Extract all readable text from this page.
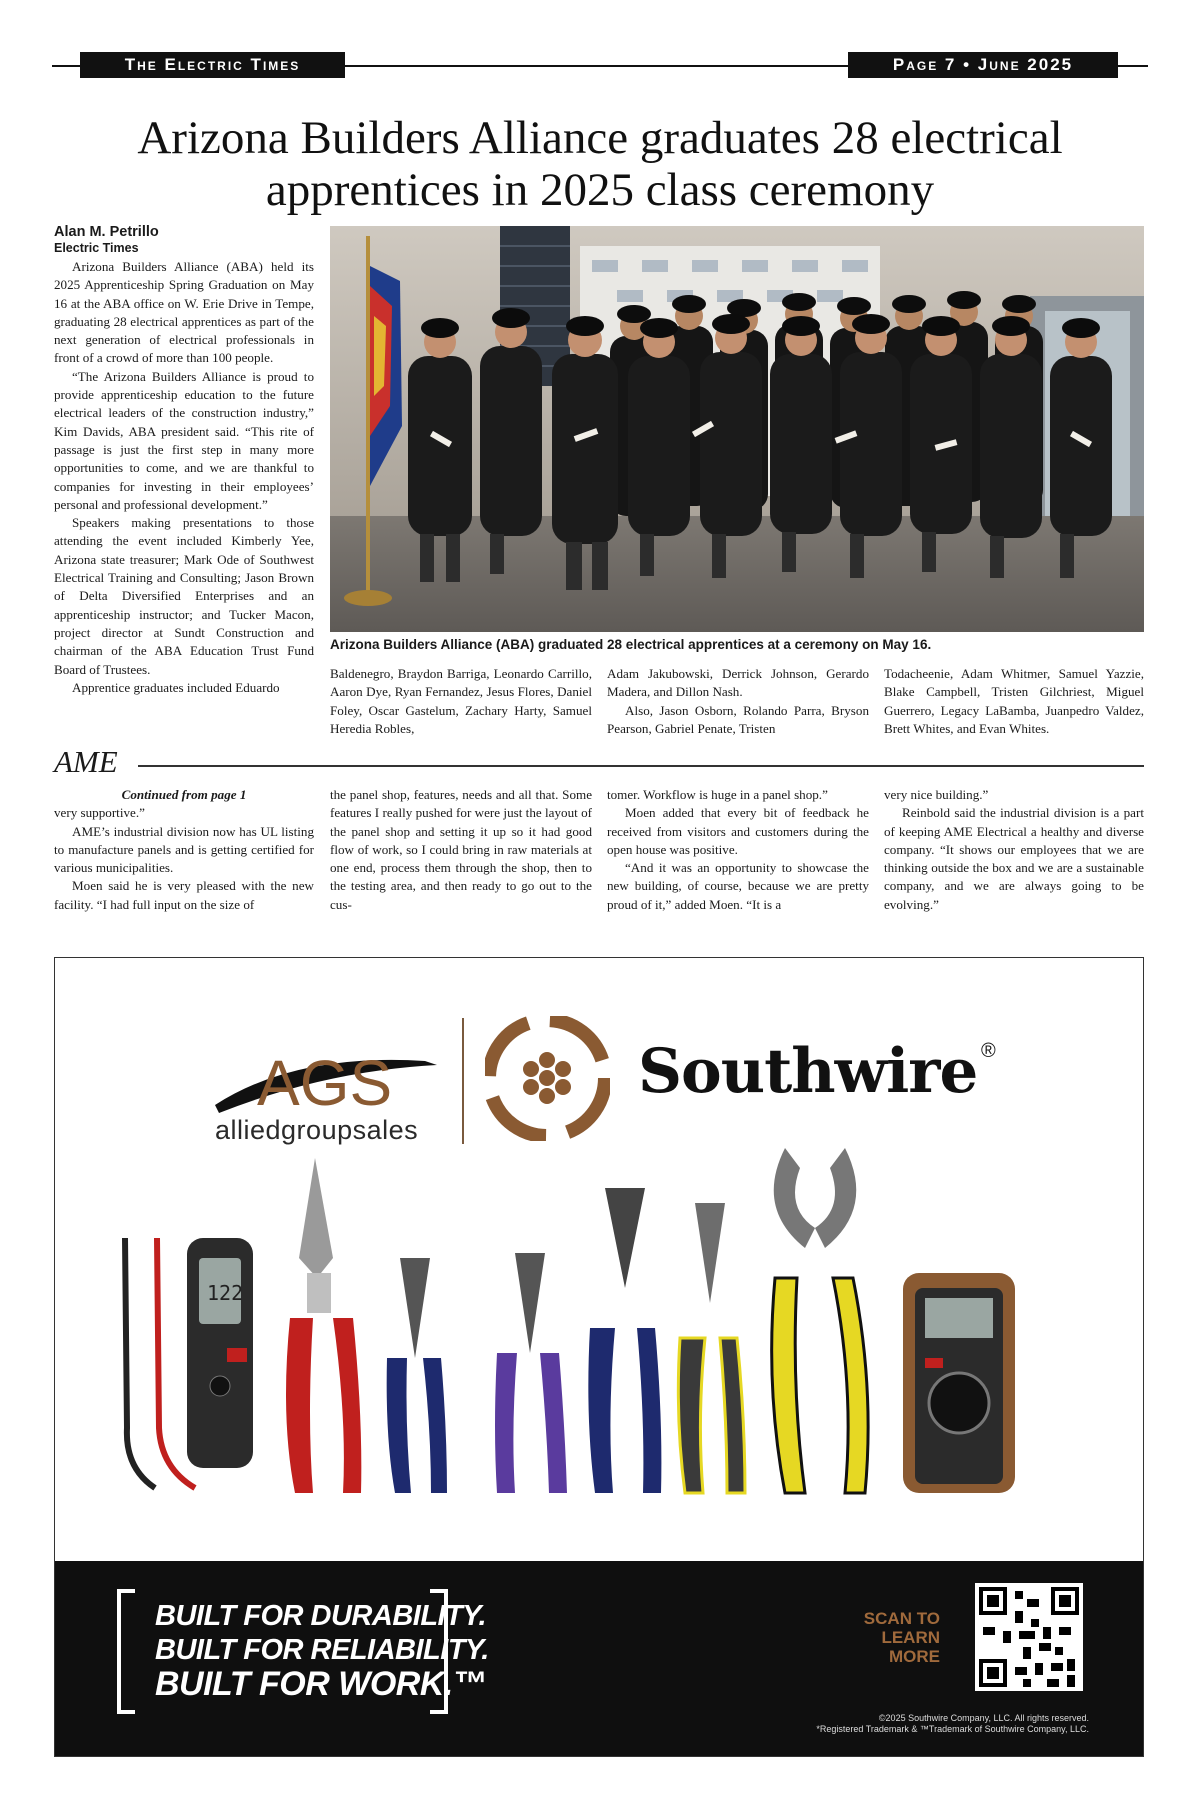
The Electric Times	Page 7 • June 2025
Arizona Builders Alliance graduates 28 electrical apprentices in 2025 class ceremony
Alan M. Petrillo
Electric Times

Arizona Builders Alliance (ABA) held its 2025 Apprenticeship Spring Graduation on May 16 at the ABA office on W. Erie Drive in Tempe, graduating 28 electrical apprentices as part of the next generation of electrical professionals in front of a crowd of more than 100 people.

“The Arizona Builders Alliance is proud to provide apprenticeship education to the future electrical leaders of the construction industry,” Kim Davids, ABA president said. “This rite of passage is just the first step in many more opportunities to come, and we are thankful to companies for investing in their employees’ personal and professional development.”

Speakers making presentations to those attending the event included Kimberly Yee, Arizona state treasurer; Mark Ode of Southwest Electrical Training and Consulting; Jason Brown of Delta Diversified Enterprises and an apprenticeship instructor; and Tucker Macon, project director at Sundt Construction and chairman of the ABA Education Trust Fund Board of Trustees.

Apprentice graduates included Eduardo

Arizona Builders Alliance (ABA) graduated 28 electrical apprentices at a ceremony on May 16.

Baldenegro, Braydon Barriga, Leonardo Carrillo, Aaron Dye, Ryan Fernandez, Jesus Flores, Daniel Foley, Oscar Gastelum, Zachary Harty, Samuel Heredia Robles,

Adam Jakubowski, Derrick Johnson, Gerardo Madera, and Dillon Nash.

Also, Jason Osborn, Rolando Parra, Bryson Pearson, Gabriel Penate, Tristen

Todacheenie, Adam Whitmer, Samuel Yazzie, Blake Campbell, Tristen Gilchriest, Miguel Guerrero, Legacy LaBamba, Juanpedro Valdez, Brett Whites, and Evan Whites.

AME

Continued from page 1

very supportive.”

AME’s industrial division now has UL listing to manufacture panels and is getting certified for various municipalities.

Moen said he is very pleased with the new facility. “I had full input on the size of

the panel shop, features, needs and all that. Some features I really pushed for were just the layout of the panel shop and setting it up so it had good flow of work, so I could bring in raw materials at one end, process them through the shop, then to the testing area, and then ready to go out to the cus-

tomer. Workflow is huge in a panel shop.”

Moen added that every bit of feedback he received from visitors and customers during the open house was positive.

“And it was an opportunity to showcase the new building, of course, because we are pretty proud of it,” added Moen. “It is a

very nice building.”

Reinbold said the industrial division is a part of keeping AME Electrical a healthy and diverse company. “It shows our employees that we are thinking outside the box and we are a sustainable company, and we are always going to be evolving.”

AGS
alliedgroupsales
Southwire ®
122
BUILT FOR DURABILITY.
BUILT FOR RELIABILITY.
BUILT FOR WORK.™
SCAN TO
LEARN
MORE
©2025 Southwire Company, LLC. All rights reserved.
*Registered Trademark & ™Trademark of Southwire Company, LLC.
